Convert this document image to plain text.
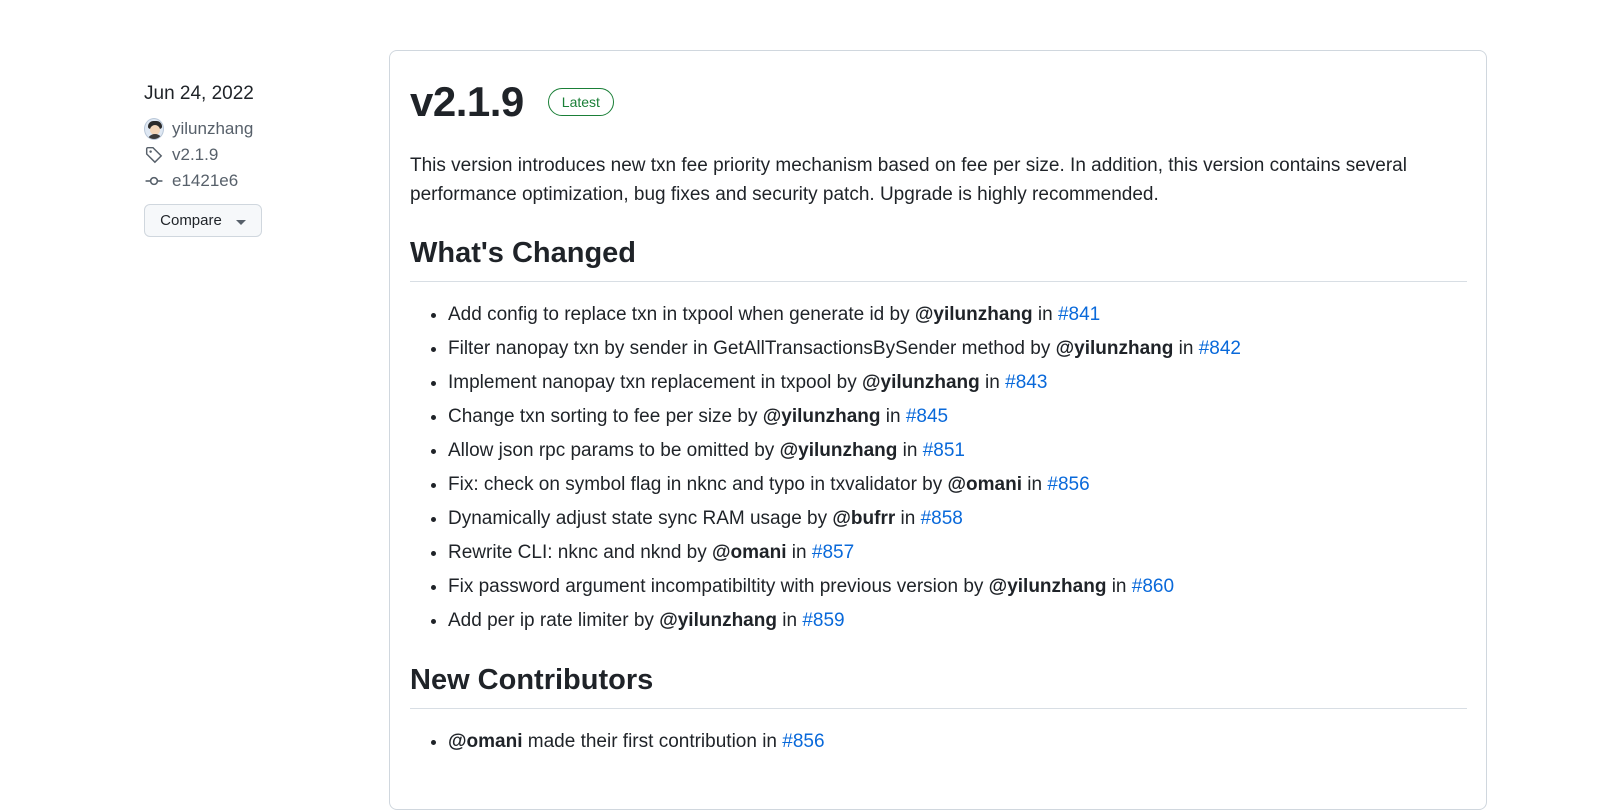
Jun 24, 2022
yilunzhang
v2.1.9
e1421e6
Compare
v2.1.9	Latest

This version introduces new txn fee priority mechanism based on fee per size. In addition, this version contains several performance optimization, bug fixes and security patch. Upgrade is highly recommended.

What's Changed
• Add config to replace txn in txpool when generate id by @yilunzhang in #841
• Filter nanopay txn by sender in GetAllTransactionsBySender method by @yilunzhang in #842
• Implement nanopay txn replacement in txpool by @yilunzhang in #843
• Change txn sorting to fee per size by @yilunzhang in #845
• Allow json rpc params to be omitted by @yilunzhang in #851
• Fix: check on symbol flag in nknc and typo in txvalidator by @omani in #856
• Dynamically adjust state sync RAM usage by @bufrr in #858
• Rewrite CLI: nknc and nknd by @omani in #857
• Fix password argument incompatibiltity with previous version by @yilunzhang in #860
• Add per ip rate limiter by @yilunzhang in #859
New Contributors
• @omani made their first contribution in #856
